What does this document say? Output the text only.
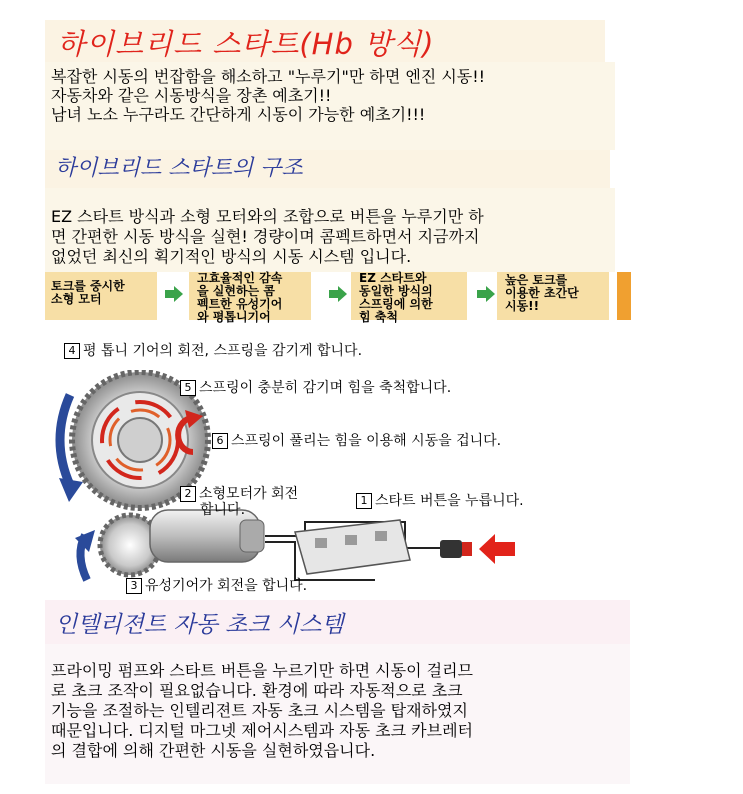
하이브리드 스타트(Hb 방식)
복잡한 시동의 번잡함을 해소하고 "누루기"만 하면 엔진 시동!!
자동차와 같은 시동방식을 장촌 예초기!!
남녀 노소 누구라도 간단하게 시동이 가능한 예초기!!!
하이브리드 스타트의 구조
EZ 스타트 방식과 소형 모터와의 조합으로 버튼을 누루기만 하
면 간편한 시동 방식을 실현! 경량이며 콤펙트하면서 지금까지
없었던 최신의 획기적인 방식의 시동 시스템 입니다.
토크를 중시한
소형 모터
고효율적인 감속
을 실현하는 콤
펙트한 유성기어
와 평톱니기어
EZ 스타트와
동일한 방식의
스프링에 의한
힘 축척
높은 토크를
이용한 초간단
시동!!
4 평 톱니 기어의 회전, 스프링을 감기게 합니다.
5 스프링이 충분히 감기며 힘을 축척합니다.
6 스프링이 풀리는 힘을 이용해 시동을 겁니다.
2 소형모터가 회전
합니다.
1 스타트 버튼을 누릅니다.
3 유성기어가 회전을 합니다.
인텔리젼트 자동 초크 시스템
프라이밍 펌프와 스타트 버튼을 누르기만 하면 시동이 걸리므
로 초크 조작이 필요없습니다. 환경에 따라 자동적으로 초크
기능을 조절하는 인텔리젼트 자동 초크 시스템을 탑재하였지
때문입니다. 디지털 마그넷 제어시스템과 자동 초크 카브레터
의 결합에 의해 간편한 시동을 실현하였읍니다.
